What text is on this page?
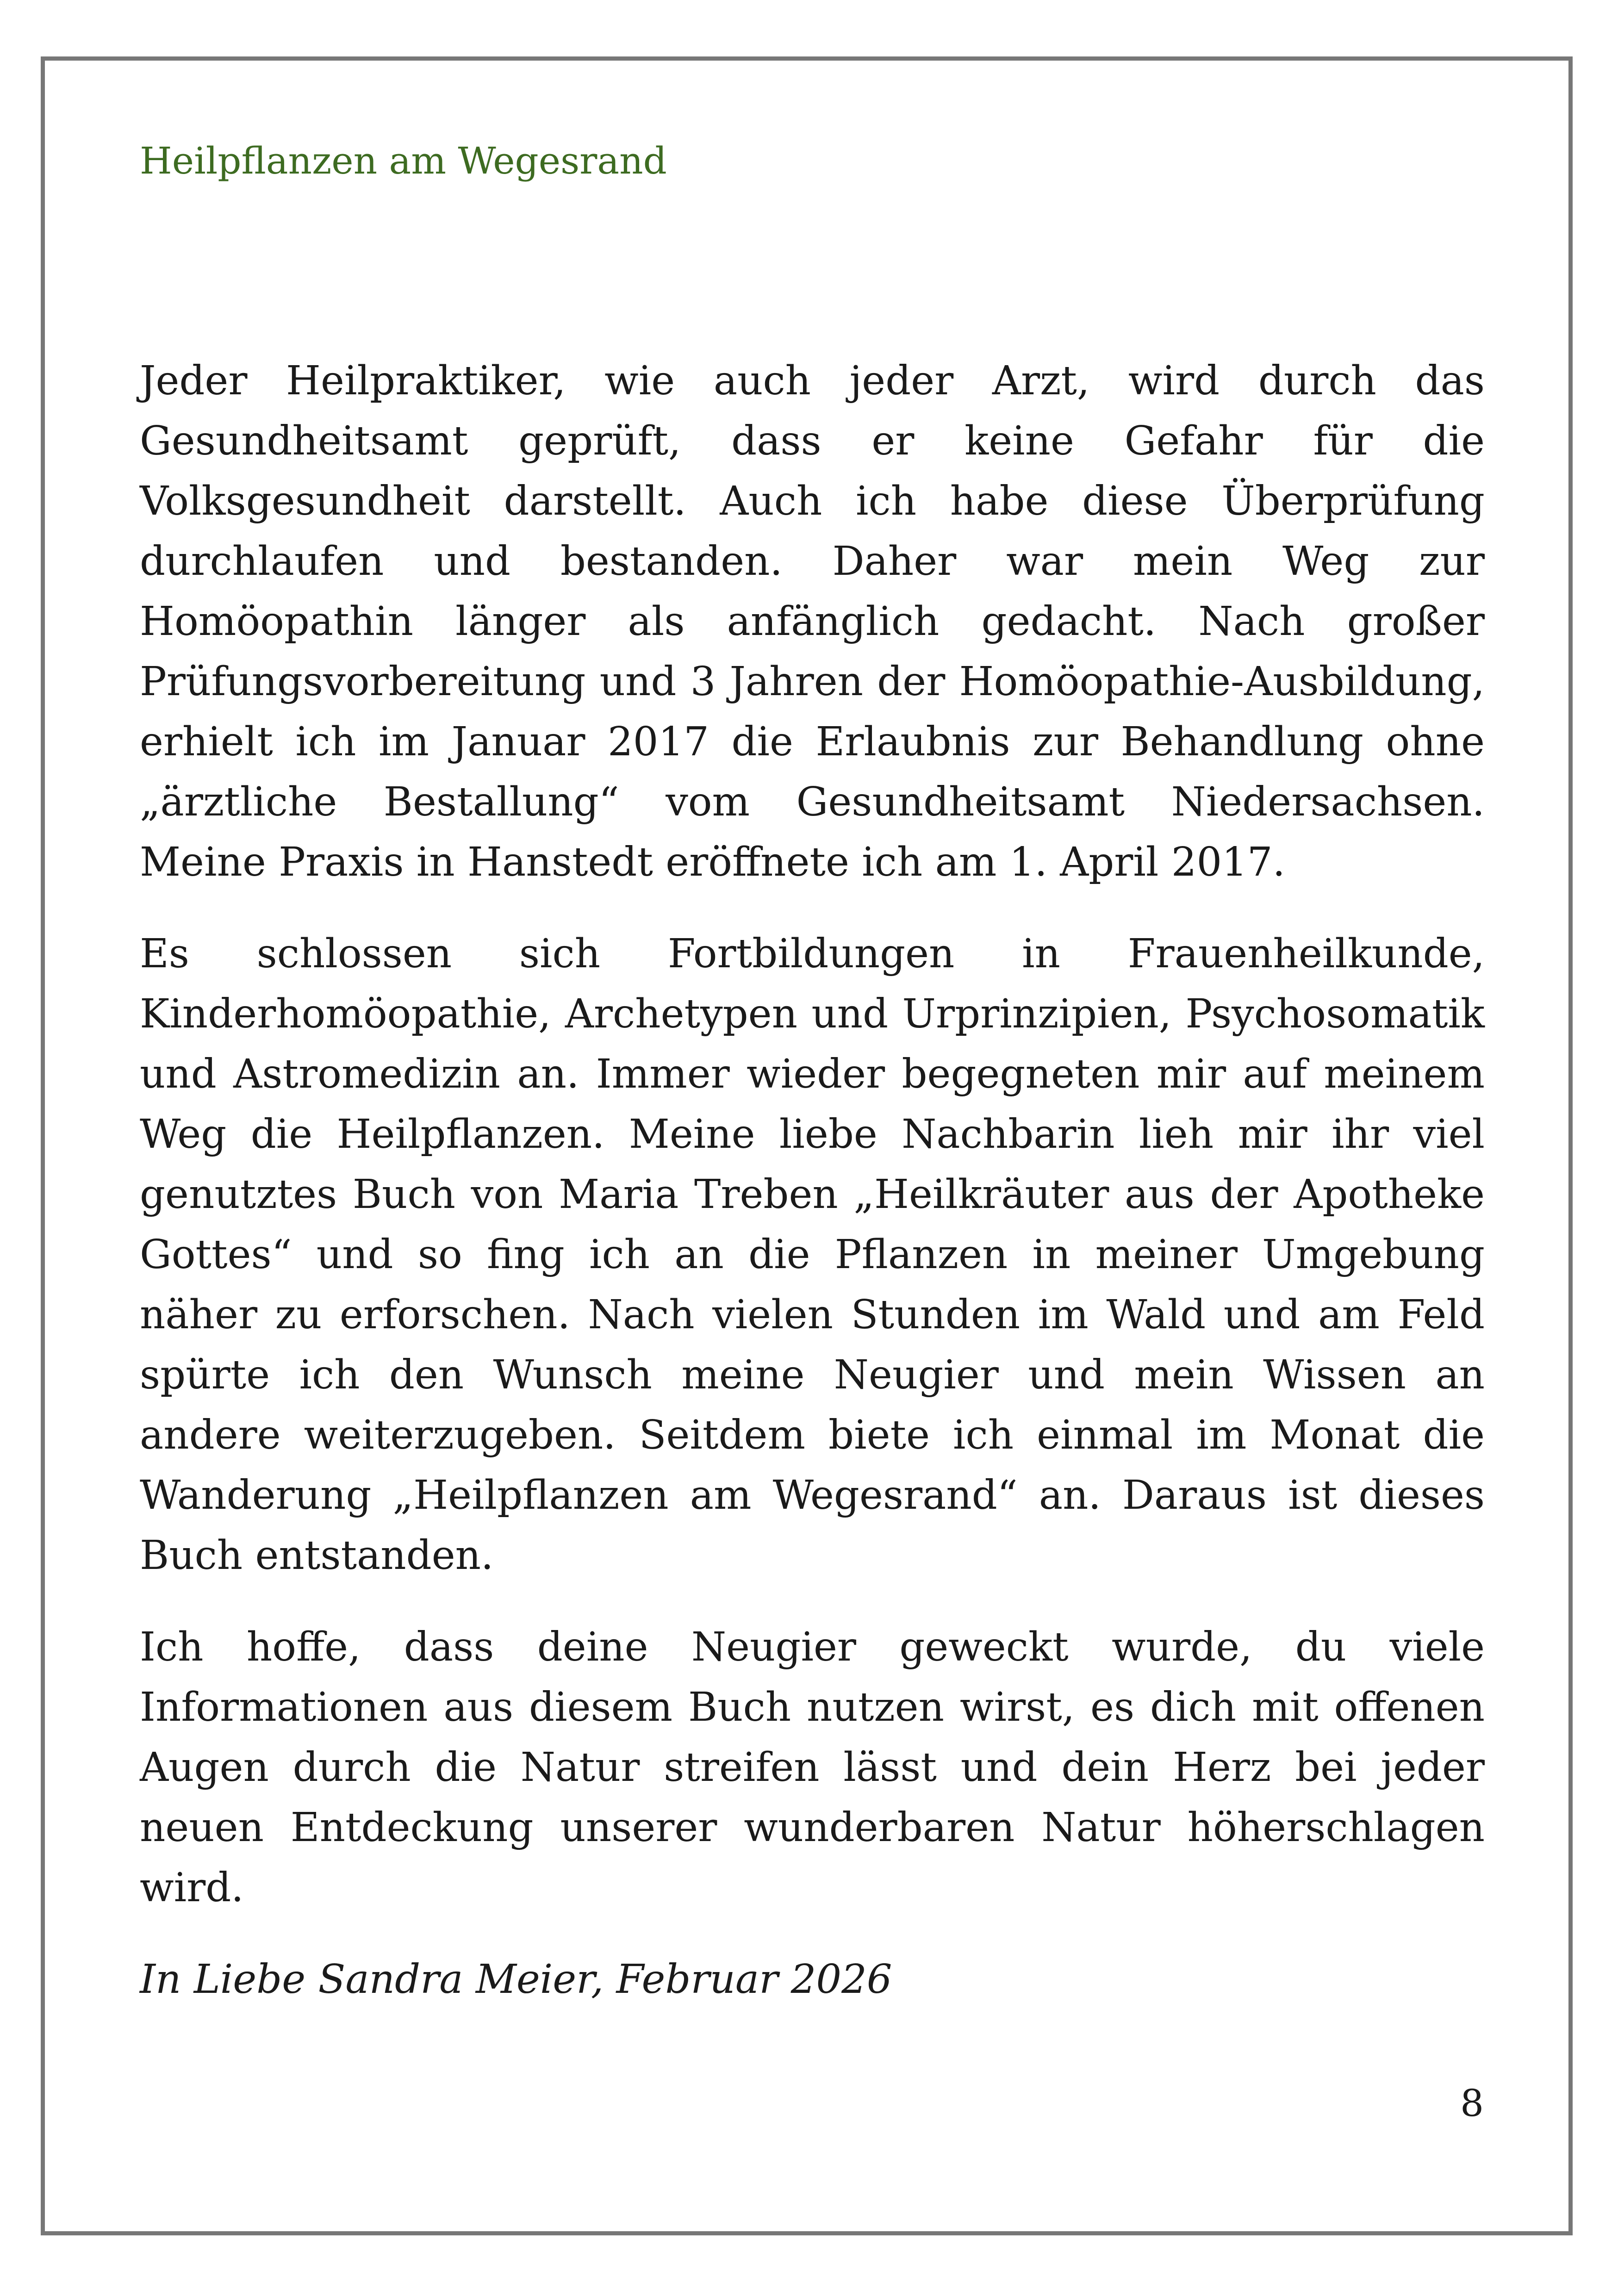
Heilpflanzen am Wegesrand

Jeder Heilpraktiker, wie auch jeder Arzt, wird durch das Gesundheitsamt geprüft, dass er keine Gefahr für die Volksgesundheit darstellt. Auch ich habe diese Überprüfung durchlaufen und bestanden. Daher war mein Weg zur Homöopathin länger als anfänglich gedacht. Nach großer Prüfungsvorbereitung und 3 Jahren der Homöopathie-Ausbildung, erhielt ich im Januar 2017 die Erlaubnis zur Behandlung ohne „ärztliche Bestallung“ vom Gesundheitsamt Niedersachsen. Meine Praxis in Hanstedt eröffnete ich am 1. April 2017.

Es schlossen sich Fortbildungen in Frauenheilkunde, Kinderhomöopathie, Archetypen und Urprinzipien, Psychosomatik und Astromedizin an. Immer wieder begegneten mir auf meinem Weg die Heilpflanzen. Meine liebe Nachbarin lieh mir ihr viel genutztes Buch von Maria Treben „Heilkräuter aus der Apotheke Gottes“ und so fing ich an die Pflanzen in meiner Umgebung näher zu erforschen. Nach vielen Stunden im Wald und am Feld spürte ich den Wunsch meine Neugier und mein Wissen an andere weiterzugeben. Seitdem biete ich einmal im Monat die Wanderung „Heilpflanzen am Wegesrand“ an. Daraus ist dieses Buch entstanden.

Ich hoffe, dass deine Neugier geweckt wurde, du viele Informationen aus diesem Buch nutzen wirst, es dich mit offenen Augen durch die Natur streifen lässt und dein Herz bei jeder neuen Entdeckung unserer wunderbaren Natur höherschlagen wird.

In Liebe Sandra Meier, Februar 2026

8
